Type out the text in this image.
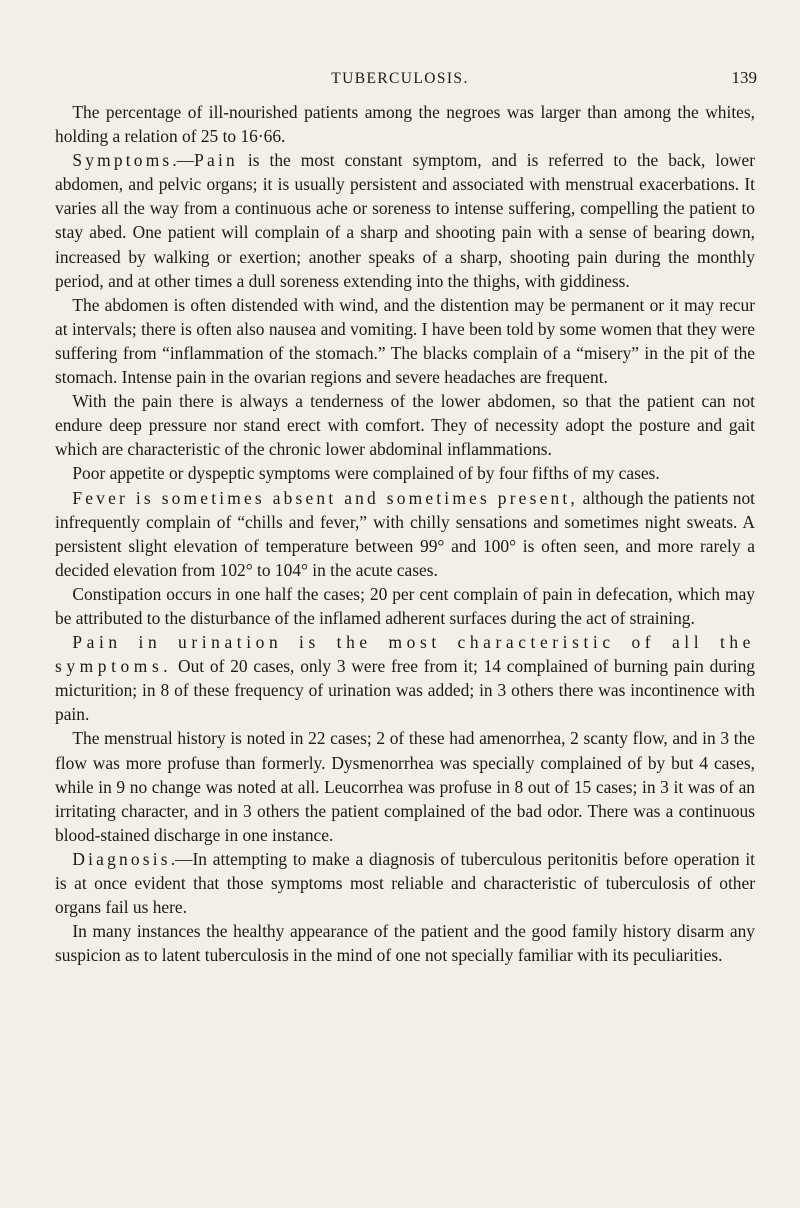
TUBERCULOSIS.	139

 The percentage of ill-nourished patients among the negroes was larger than among the whites, holding a relation of 25 to 16·66.

 Symptoms.—Pain is the most constant symptom, and is referred to the back, lower abdomen, and pelvic organs; it is usually persistent and associated with menstrual exacerbations. It varies all the way from a continuous ache or soreness to intense suffering, compelling the patient to stay abed. One patient will complain of a sharp and shooting pain with a sense of bearing down, increased by walking or exertion; another speaks of a sharp, shooting pain during the monthly period, and at other times a dull soreness extending into the thighs, with giddiness.

 The abdomen is often distended with wind, and the distention may be permanent or it may recur at intervals; there is often also nausea and vomiting. I have been told by some women that they were suffering from “inflammation of the stomach.” The blacks complain of a “misery” in the pit of the stomach. Intense pain in the ovarian regions and severe headaches are frequent.

 With the pain there is always a tenderness of the lower abdomen, so that the patient can not endure deep pressure nor stand erect with comfort. They of necessity adopt the posture and gait which are characteristic of the chronic lower abdominal inflammations.

 Poor appetite or dyspeptic symptoms were complained of by four fifths of my cases.

 Fever is sometimes absent and sometimes present, although the patients not infrequently complain of “chills and fever,” with chilly sensations and sometimes night sweats. A persistent slight elevation of temperature between 99° and 100° is often seen, and more rarely a decided elevation from 102° to 104° in the acute cases.

 Constipation occurs in one half the cases; 20 per cent complain of pain in defecation, which may be attributed to the disturbance of the inflamed adherent surfaces during the act of straining.

 Pain in urination is the most characteristic of all the symptoms. Out of 20 cases, only 3 were free from it; 14 complained of burning pain during micturition; in 8 of these frequency of urination was added; in 3 others there was incontinence with pain.

 The menstrual history is noted in 22 cases; 2 of these had amenorrhea, 2 scanty flow, and in 3 the flow was more profuse than formerly. Dysmenorrhea was specially complained of by but 4 cases, while in 9 no change was noted at all. Leucorrhea was profuse in 8 out of 15 cases; in 3 it was of an irritating character, and in 3 others the patient complained of the bad odor. There was a continuous blood-stained discharge in one instance.

 Diagnosis.—In attempting to make a diagnosis of tuberculous peritonitis before operation it is at once evident that those symptoms most reliable and characteristic of tuberculosis of other organs fail us here.

 In many instances the healthy appearance of the patient and the good family history disarm any suspicion as to latent tuberculosis in the mind of one not specially familiar with its peculiarities.
